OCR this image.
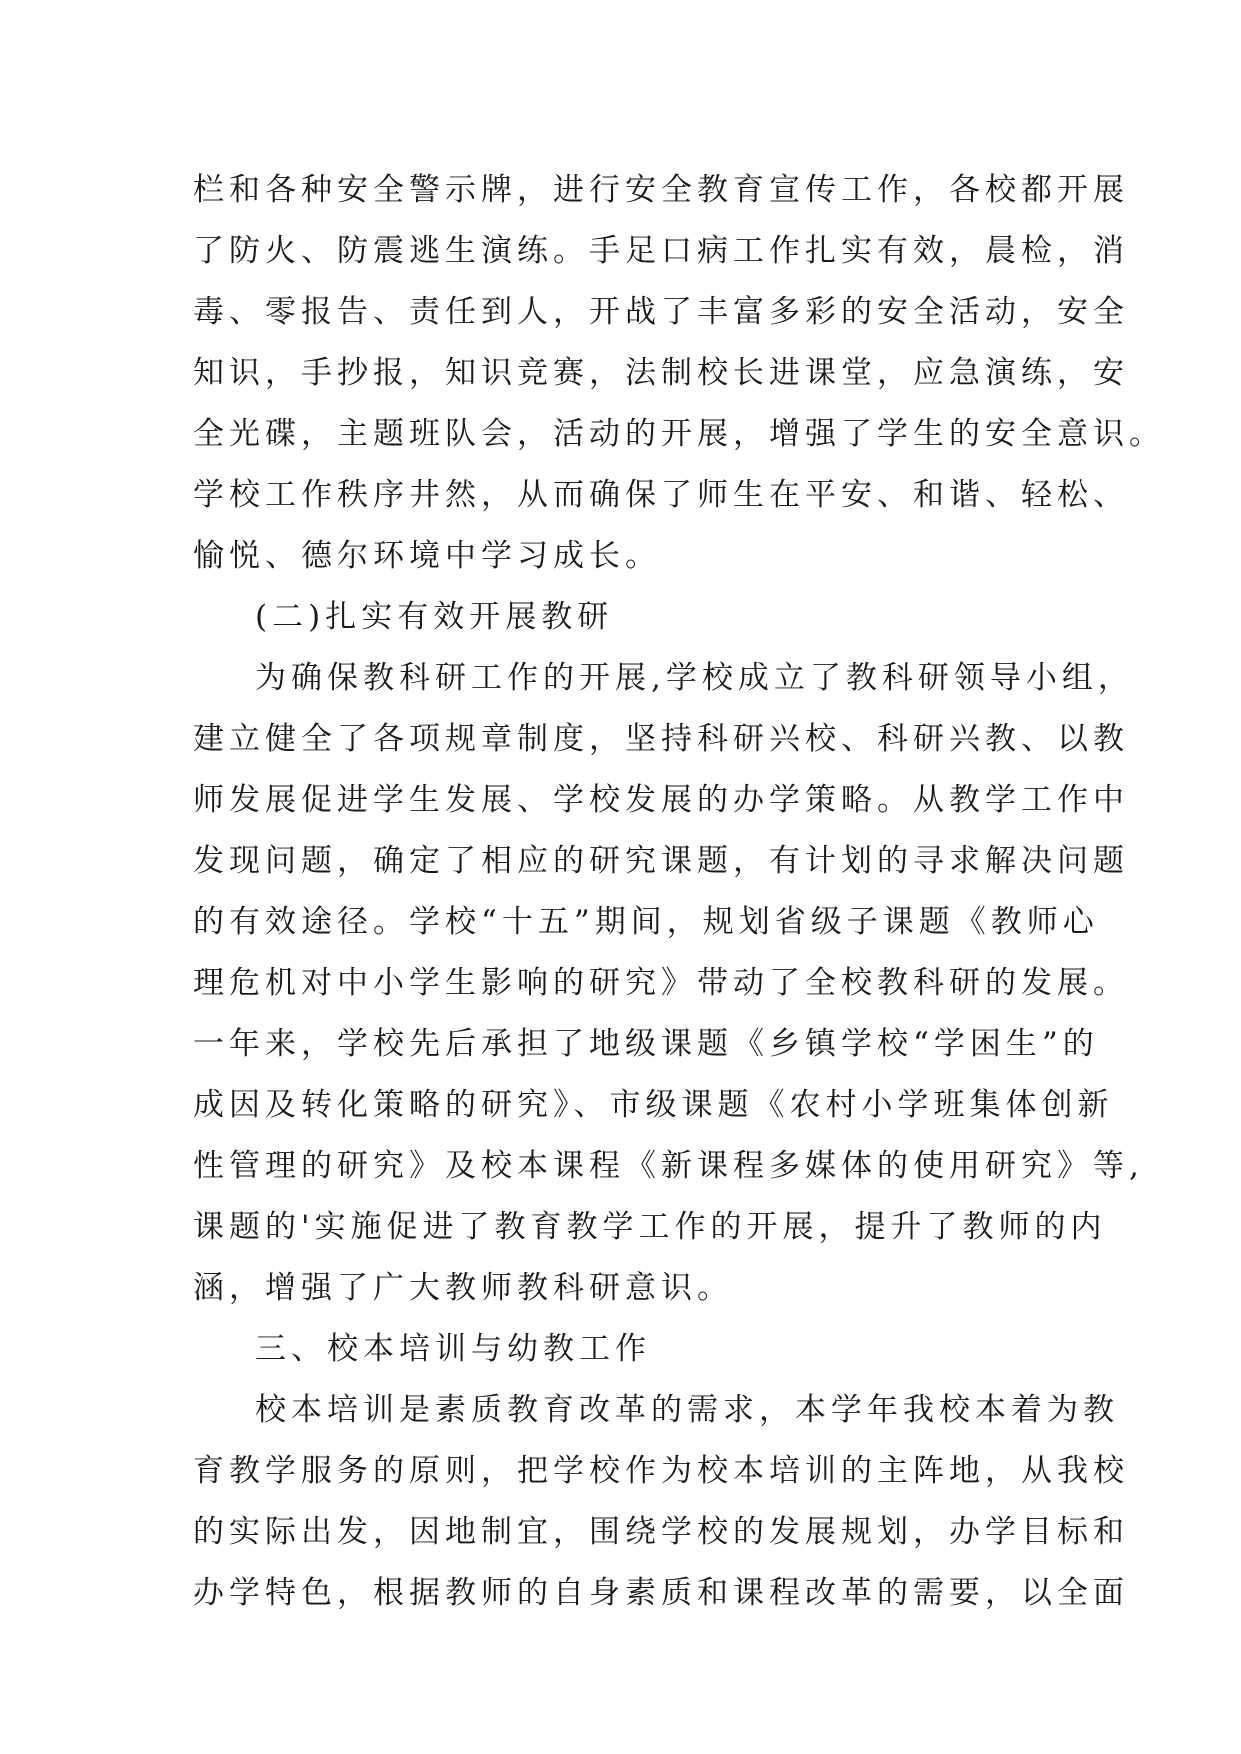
栏和各种安全警示牌，进行安全教育宣传工作，各校都开展
了防火、防震逃生演练。手足口病工作扎实有效，晨检，消
毒、零报告、责任到人，开战了丰富多彩的安全活动，安全
知识，手抄报，知识竞赛，法制校长进课堂，应急演练，安
全光碟，主题班队会，活动的开展，增强了学生的安全意识。
学校工作秩序井然，从而确保了师生在平安、和谐、轻松、
愉悦、德尔环境中学习成长。
(二)扎实有效开展教研
为确保教科研工作的开展,学校成立了教科研领导小组，
建立健全了各项规章制度，坚持科研兴校、科研兴教、以教
师发展促进学生发展、学校发展的办学策略。从教学工作中
发现问题，确定了相应的研究课题，有计划的寻求解决问题
的有效途径。学校“十五”期间，规划省级子课题《教师心
理危机对中小学生影响的研究》带动了全校教科研的发展。
一年来，学校先后承担了地级课题《乡镇学校“学困生”的
成因及转化策略的研究》、市级课题《农村小学班集体创新
性管理的研究》及校本课程《新课程多媒体的使用研究》等,
课题的'实施促进了教育教学工作的开展，提升了教师的内
涵，增强了广大教师教科研意识。
三、校本培训与幼教工作
校本培训是素质教育改革的需求，本学年我校本着为教
育教学服务的原则，把学校作为校本培训的主阵地，从我校
的实际出发，因地制宜，围绕学校的发展规划，办学目标和
办学特色，根据教师的自身素质和课程改革的需要，以全面
